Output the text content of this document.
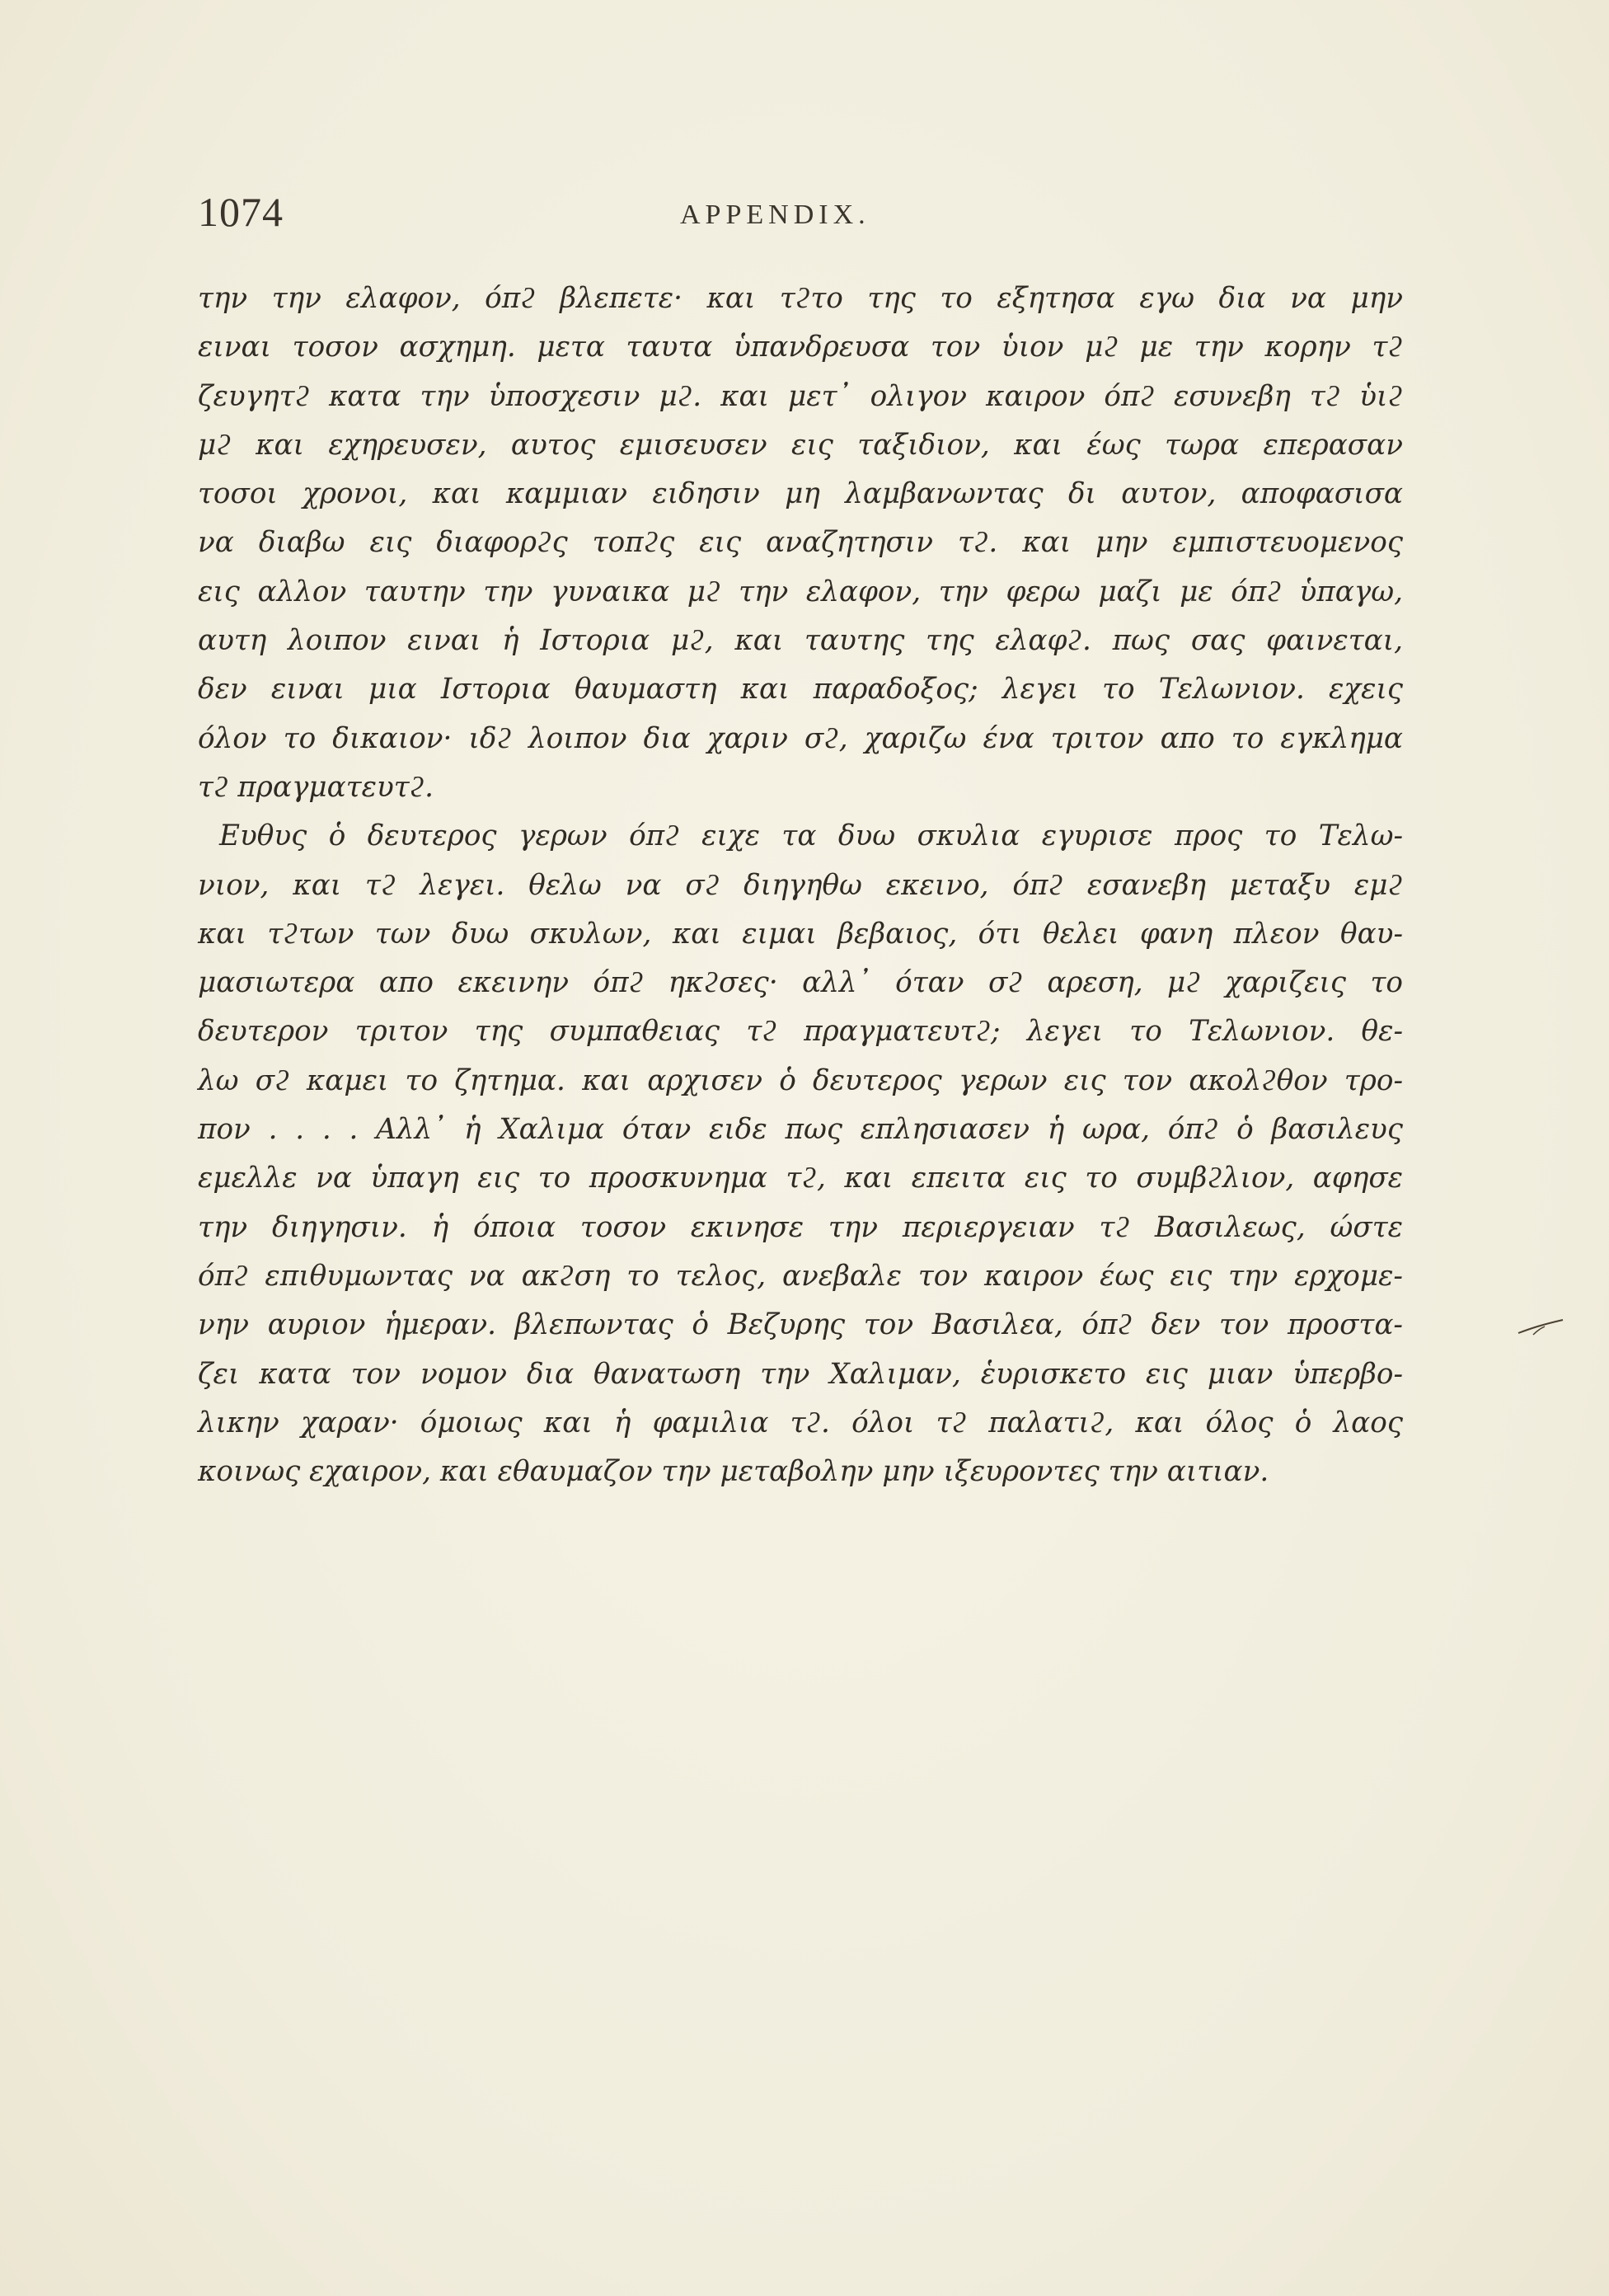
1074	APPENDIX.
την την ελαφον, όπϩ βλεπετε· και τϩτο της το εξητησα εγω δια να μην
ειναι τοσον ασχημη. μετα ταυτα ὑπανδρευσα τον ὑιον μϩ με την κορην τϩ
ζευγητϩ κατα την ὑποσχεσιν μϩ. και μετ᾽ ολιγον καιρον όπϩ εσυνεβη τϩ ὑιϩ
μϩ και εχηρευσεν, αυτος εμισευσεν εις ταξιδιον, και έως τωρα επερασαν
τοσοι χρονοι, και καμμιαν ειδησιν μη λαμβανωντας δι αυτον, αποφασισα
να διαβω εις διαφορϩς τοπϩς εις αναζητησιν τϩ. και μην εμπιστευομενος
εις αλλον ταυτην την γυναικα μϩ την ελαφον, την φερω μαζι με όπϩ ὑπαγω,
αυτη λοιπον ειναι ἡ Ιστορια μϩ, και ταυτης της ελαφϩ. πως σας φαινεται,
δεν ειναι μια Ιστορια θαυμαστη και παραδοξος; λεγει το Τελωνιον. εχεις
όλον το δικαιον· ιδϩ λοιπον δια χαριν σϩ, χαριζω ένα τριτον απο το εγκλημα
τϩ πραγματευτϩ.
Ευθυς ὁ δευτερος γερων όπϩ ειχε τα δυω σκυλια εγυρισε προς το Τελω-
νιον, και τϩ λεγει. θελω να σϩ διηγηθω εκεινο, όπϩ εσανεβη μεταξυ εμϩ
και τϩτων των δυω σκυλων, και ειμαι βεβαιος, ότι θελει φανη πλεον θαυ-
μασιωτερα απο εκεινην όπϩ ηκϩσες· αλλ᾽ όταν σϩ αρεση, μϩ χαριζεις το
δευτερον τριτον της συμπαθειας τϩ πραγματευτϩ; λεγει το Τελωνιον. θε-
λω σϩ καμει το ζητημα. και αρχισεν ὁ δευτερος γερων εις τον ακολϩθον τρο-
πον . . . . Αλλ᾽ ἡ Χαλιμα όταν ειδε πως επλησιασεν ἡ ωρα, όπϩ ὁ βασιλευς
εμελλε να ὑπαγη εις το προσκυνημα τϩ, και επειτα εις το συμβϩλιον, αφησε
την διηγησιν. ἡ όποια τοσον εκινησε την περιεργειαν τϩ Βασιλεως, ώστε
όπϩ επιθυμωντας να ακϩση το τελος, ανεβαλε τον καιρον έως εις την ερχομε-
νην αυριον ἡμεραν. βλεπωντας ὁ Βεζυρης τον Βασιλεα, όπϩ δεν τον προστα-
ζει κατα τον νομον δια θανατωση την Χαλιμαν, ἑυρισκετο εις μιαν ὑπερβο-
λικην χαραν· όμοιως και ἡ φαμιλια τϩ. όλοι τϩ παλατιϩ, και όλος ὁ λαος
κοινως εχαιρον, και εθαυμαζον την μεταβολην μην ιξευροντες την αιτιαν.
